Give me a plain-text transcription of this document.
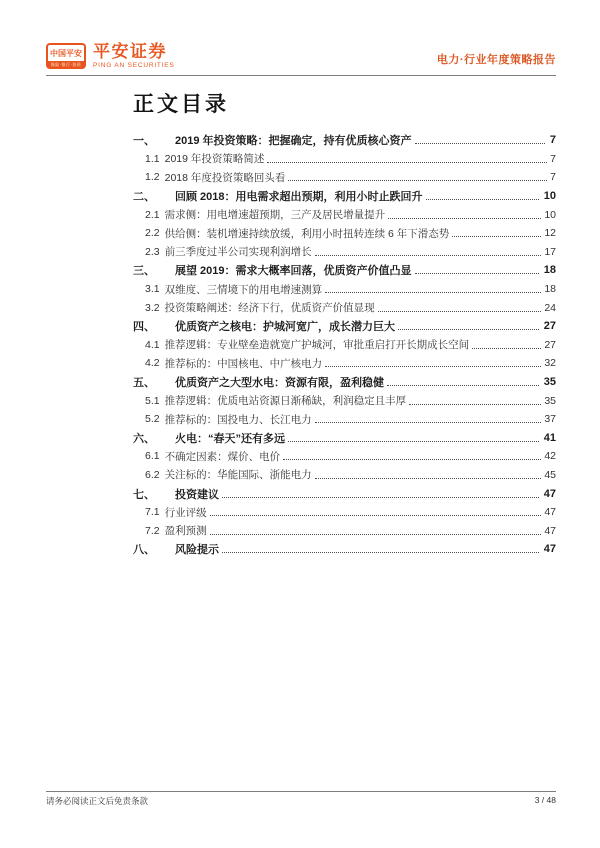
中国平安
保险·银行·投资
平安证券
PING AN SECURITIES	电力·行业年度策略报告
正文目录
一、	2019 年投资策略：把握确定，持有优质核心资产	7
1.1 2019 年投资策略简述	7
1.2 2018 年度投资策略回头看	7
二、	回顾 2018：用电需求超出预期，利用小时止跌回升	10
2.1 需求侧：用电增速超预期，三产及居民增量提升	10
2.2 供给侧：装机增速持续放缓，利用小时扭转连续 6 年下滑态势	12
2.3 前三季度过半公司实现利润增长	17
三、	展望 2019：需求大概率回落，优质资产价值凸显	18
3.1 双维度、三情境下的用电增速测算	18
3.2 投资策略阐述：经济下行，优质资产价值显现	24
四、	优质资产之核电：护城河宽广，成长潜力巨大	27
4.1 推荐逻辑：专业壁垒造就宽广护城河，审批重启打开长期成长空间	27
4.2 推荐标的：中国核电、中广核电力	32
五、	优质资产之大型水电：资源有限，盈利稳健	35
5.1 推荐逻辑：优质电站资源日渐稀缺，利润稳定且丰厚	35
5.2 推荐标的：国投电力、长江电力	37
六、	火电：“春天”还有多远	41
6.1 不确定因素：煤价、电价	42
6.2 关注标的：华能国际、浙能电力	45
七、	投资建议	47
7.1 行业评级	47
7.2 盈利预测	47
八、	风险提示	47
请务必阅读正文后免责条款	3 / 48
